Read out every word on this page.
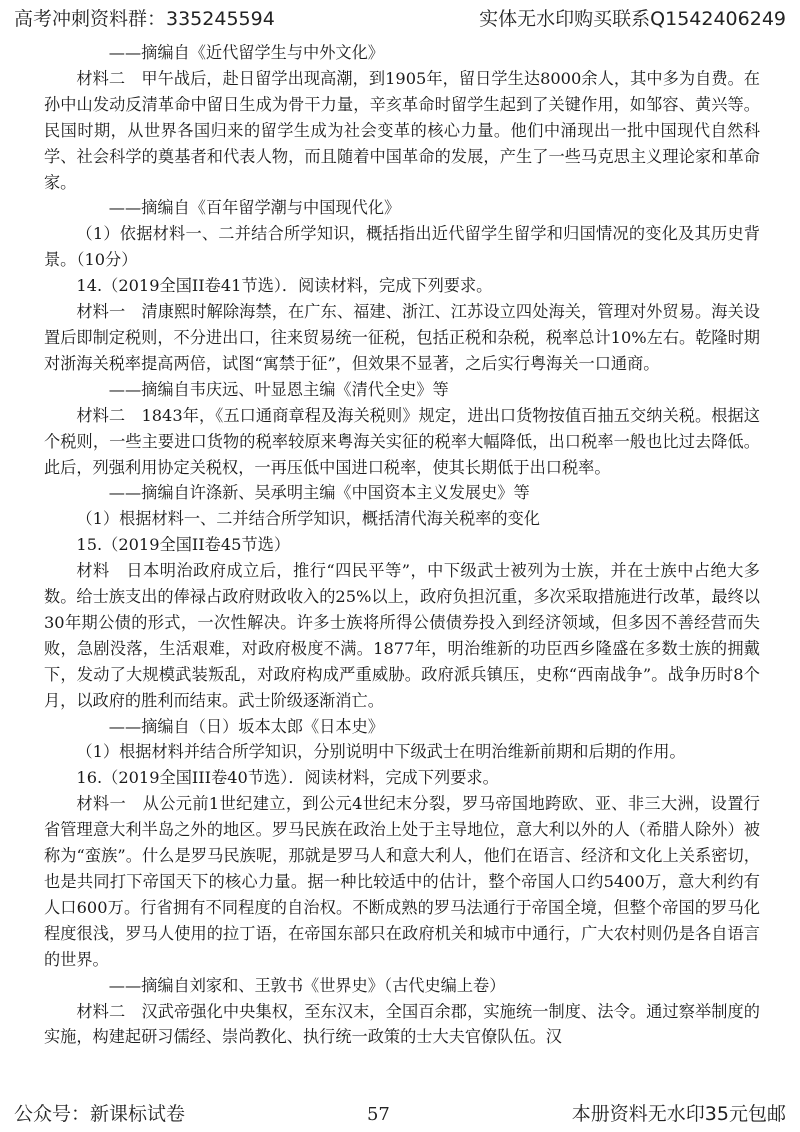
高考冲刺资料群：335245594	实体无水印购买联系Q1542406249

——摘编自《近代留学生与中外文化》

材料二　甲午战后，赴日留学出现高潮，到1905年，留日学生达8000余人，其中多为自费。在孙中山发动反清革命中留日生成为骨干力量，辛亥革命时留学生起到了关键作用，如邹容、黄兴等。民国时期，从世界各国归来的留学生成为社会变革的核心力量。他们中涌现出一批中国现代自然科学、社会科学的奠基者和代表人物，而且随着中国革命的发展，产生了一些马克思主义理论家和革命家。

——摘编自《百年留学潮与中国现代化》

（1）依据材料一、二并结合所学知识，概括指出近代留学生留学和归国情况的变化及其历史背景。（10分）

14.（2019全国II卷41节选）．阅读材料，完成下列要求。

材料一　清康熙时解除海禁，在广东、福建、浙江、江苏设立四处海关，管理对外贸易。海关设置后即制定税则，不分进出口，往来贸易统一征税，包括正税和杂税，税率总计10%左右。乾隆时期对浙海关税率提高两倍，试图“寓禁于征”，但效果不显著，之后实行粤海关一口通商。

——摘编自韦庆远、叶显恩主编《清代全史》等

材料二　1843年，《五口通商章程及海关税则》规定，进出口货物按值百抽五交纳关税。根据这个税则，一些主要进口货物的税率较原来粤海关实征的税率大幅降低，出口税率一般也比过去降低。此后，列强利用协定关税权，一再压低中国进口税率，使其长期低于出口税率。

——摘编自许涤新、吴承明主编《中国资本主义发展史》等

（1）根据材料一、二并结合所学知识，概括清代海关税率的变化

15.（2019全国II卷45节选）

材料　日本明治政府成立后，推行“四民平等”，中下级武士被列为士族，并在士族中占绝大多数。给士族支出的俸禄占政府财政收入的25%以上，政府负担沉重，多次采取措施进行改革，最终以30年期公债的形式，一次性解决。许多士族将所得公债债券投入到经济领域，但多因不善经营而失败，急剧没落，生活艰难，对政府极度不满。1877年，明治维新的功臣西乡隆盛在多数士族的拥戴下，发动了大规模武装叛乱，对政府构成严重威胁。政府派兵镇压，史称“西南战争”。战争历时8个月，以政府的胜利而结束。武士阶级逐渐消亡。

——摘编自（日）坂本太郎《日本史》

（1）根据材料并结合所学知识，分别说明中下级武士在明治维新前期和后期的作用。

16.（2019全国III卷40节选）．阅读材料，完成下列要求。

材料一　从公元前1世纪建立，到公元4世纪末分裂，罗马帝国地跨欧、亚、非三大洲，设置行省管理意大利半岛之外的地区。罗马民族在政治上处于主导地位，意大利以外的人（希腊人除外）被称为“蛮族”。什么是罗马民族呢，那就是罗马人和意大利人，他们在语言、经济和文化上关系密切，也是共同打下帝国天下的核心力量。据一种比较适中的估计，整个帝国人口约5400万，意大利约有人口600万。行省拥有不同程度的自治权。不断成熟的罗马法通行于帝国全境，但整个帝国的罗马化程度很浅，罗马人使用的拉丁语，在帝国东部只在政府机关和城市中通行，广大农村则仍是各自语言的世界。

——摘编自刘家和、王敦书《世界史》（古代史编上卷）

材料二　汉武帝强化中央集权，至东汉末，全国百余郡，实施统一制度、法令。通过察举制度的实施，构建起研习儒经、崇尚教化、执行统一政策的士大夫官僚队伍。汉

公众号：新课标试卷	57	本册资料无水印35元包邮
